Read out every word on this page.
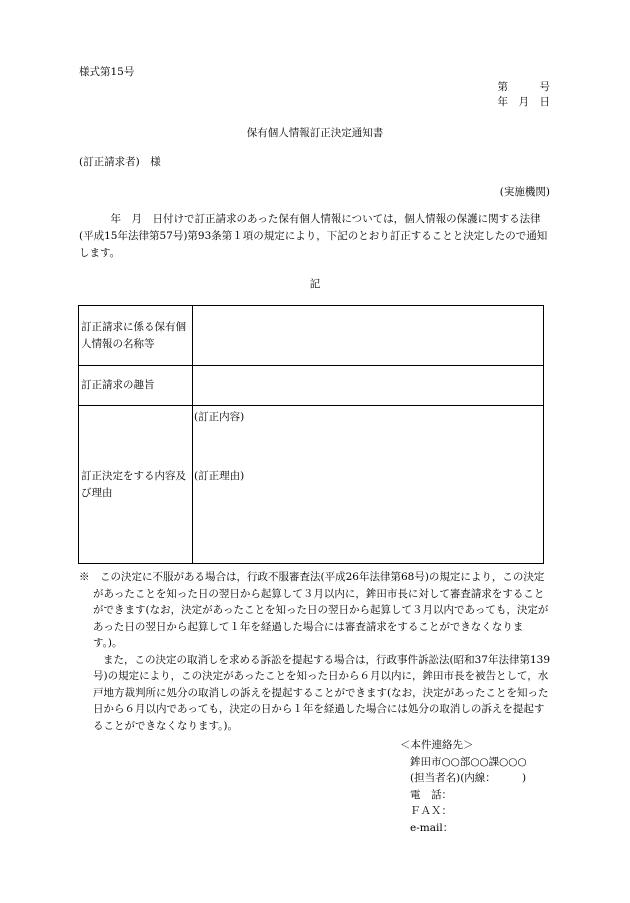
様式第15号
第　　　号
年　月　日
保有個人情報訂正決定通知書
(訂正請求者)　様
(実施機関)
　　　年　月　日付けで訂正請求のあった保有個人情報については，個人情報の保護に関する法律(平成15年法律第57号)第93条第１項の規定により，下記のとおり訂正することと決定したので通知します。
記
訂正請求に係る保有個人情報の名称等	
訂正請求の趣旨	
訂正決定をする内容及び理由	(訂正内容)
(訂正理由)

※　この決定に不服がある場合は，行政不服審査法(平成26年法律第68号)の規定により，この決定があったことを知った日の翌日から起算して３月以内に，鉾田市長に対して審査請求をすることができます(なお，決定があったことを知った日の翌日から起算して３月以内であっても，決定があった日の翌日から起算して１年を経過した場合には審査請求をすることができなくなります。)。

また，この決定の取消しを求める訴訟を提起する場合は，行政事件訴訟法(昭和37年法律第139号)の規定により，この決定があったことを知った日から６月以内に，鉾田市長を被告として，水戸地方裁判所に処分の取消しの訴えを提起することができます(なお，決定があったことを知った日から６月以内であっても，決定の日から１年を経過した場合には処分の取消しの訴えを提起することができなくなります。)。

＜本件連絡先＞
鉾田市○○部○○課○○○
(担当者名)(内線：　　　)
電　話：
ＦＡＸ：
e-mail：
